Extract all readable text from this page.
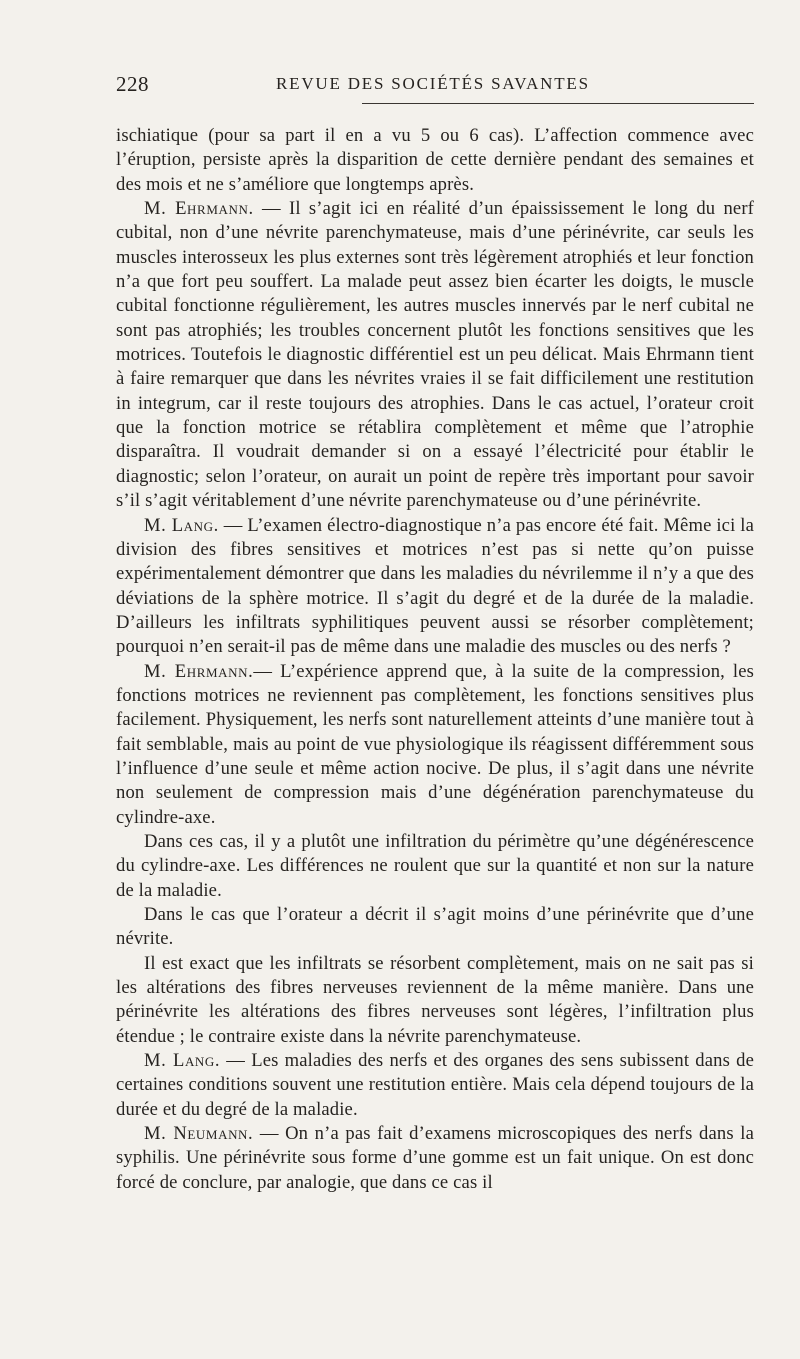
228	REVUE DES SOCIÉTÉS SAVANTES

ischiatique (pour sa part il en a vu 5 ou 6 cas). L’affection commence avec l’éruption, persiste après la disparition de cette dernière pendant des semaines et des mois et ne s’améliore que longtemps après.

M. Ehrmann. — Il s’agit ici en réalité d’un épaississement le long du nerf cubital, non d’une névrite parenchymateuse, mais d’une périnévrite, car seuls les muscles interosseux les plus externes sont très légèrement atrophiés et leur fonction n’a que fort peu souffert. La malade peut assez bien écarter les doigts, le muscle cubital fonctionne régulièrement, les autres muscles innervés par le nerf cubital ne sont pas atrophiés; les troubles concernent plutôt les fonctions sensitives que les motrices. Toutefois le diagnostic différentiel est un peu délicat. Mais Ehrmann tient à faire remarquer que dans les névrites vraies il se fait difficilement une restitution in integrum, car il reste toujours des atrophies. Dans le cas actuel, l’orateur croit que la fonction motrice se rétablira complètement et même que l’atrophie disparaîtra. Il voudrait demander si on a essayé l’électricité pour établir le diagnostic; selon l’orateur, on aurait un point de repère très important pour savoir s’il s’agit véritablement d’une névrite parenchymateuse ou d’une périnévrite.

M. Lang. — L’examen électro-diagnostique n’a pas encore été fait. Même ici la division des fibres sensitives et motrices n’est pas si nette qu’on puisse expérimentalement démontrer que dans les maladies du névrilemme il n’y a que des déviations de la sphère motrice. Il s’agit du degré et de la durée de la maladie. D’ailleurs les infiltrats syphilitiques peuvent aussi se résorber complètement; pourquoi n’en serait-il pas de même dans une maladie des muscles ou des nerfs ?

M. Ehrmann.— L’expérience apprend que, à la suite de la compression, les fonctions motrices ne reviennent pas complètement, les fonctions sensitives plus facilement. Physiquement, les nerfs sont naturellement atteints d’une manière tout à fait semblable, mais au point de vue physiologique ils réagissent différemment sous l’influence d’une seule et même action nocive. De plus, il s’agit dans une névrite non seulement de compression mais d’une dégénération parenchymateuse du cylindre-axe.

Dans ces cas, il y a plutôt une infiltration du périmètre qu’une dégénérescence du cylindre-axe. Les différences ne roulent que sur la quantité et non sur la nature de la maladie.

Dans le cas que l’orateur a décrit il s’agit moins d’une périnévrite que d’une névrite.

Il est exact que les infiltrats se résorbent complètement, mais on ne sait pas si les altérations des fibres nerveuses reviennent de la même manière. Dans une périnévrite les altérations des fibres nerveuses sont légères, l’infiltration plus étendue ; le contraire existe dans la névrite parenchymateuse.

M. Lang. — Les maladies des nerfs et des organes des sens subissent dans de certaines conditions souvent une restitution entière. Mais cela dépend toujours de la durée et du degré de la maladie.

M. Neumann. — On n’a pas fait d’examens microscopiques des nerfs dans la syphilis. Une périnévrite sous forme d’une gomme est un fait unique. On est donc forcé de conclure, par analogie, que dans ce cas il
